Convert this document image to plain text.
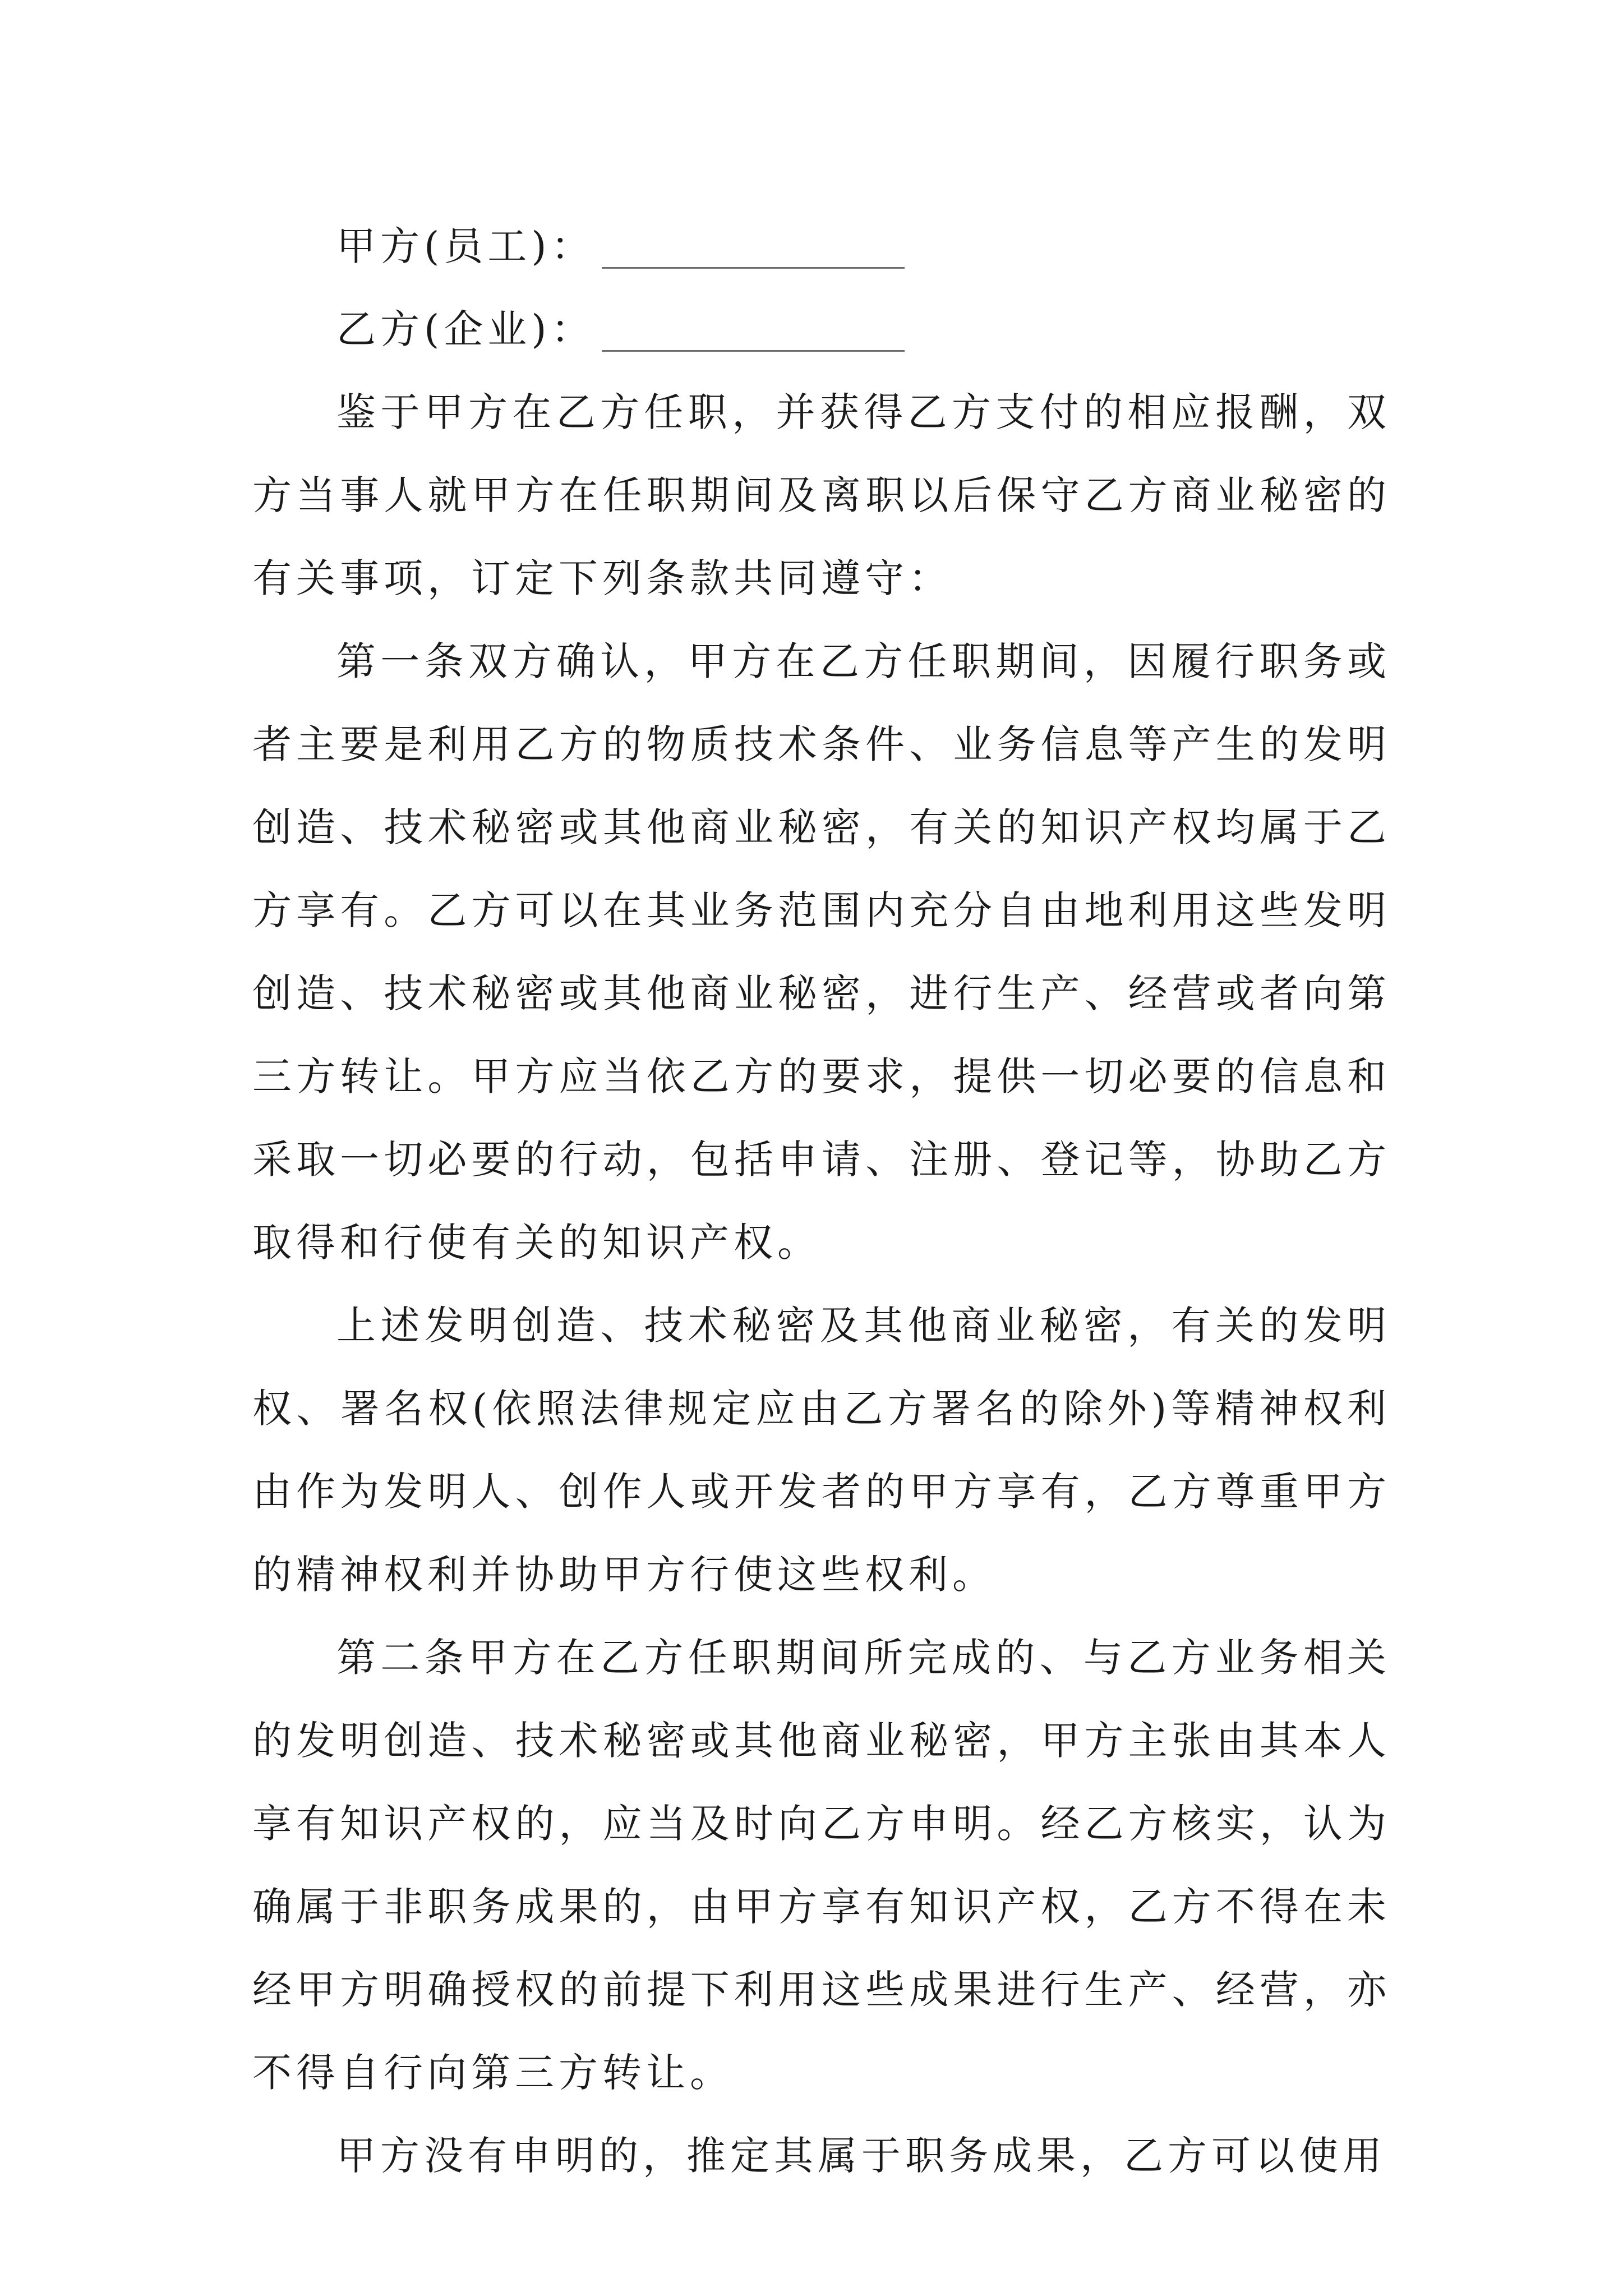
甲方(员工)：
乙方(企业)：

鉴于甲方在乙方任职，并获得乙方支付的相应报酬，双方当事人就甲方在任职期间及离职以后保守乙方商业秘密的有关事项，订定下列条款共同遵守：

第一条双方确认，甲方在乙方任职期间，因履行职务或者主要是利用乙方的物质技术条件、业务信息等产生的发明创造、技术秘密或其他商业秘密，有关的知识产权均属于乙方享有。乙方可以在其业务范围内充分自由地利用这些发明创造、技术秘密或其他商业秘密，进行生产、经营或者向第三方转让。甲方应当依乙方的要求，提供一切必要的信息和采取一切必要的行动，包括申请、注册、登记等，协助乙方取得和行使有关的知识产权。

上述发明创造、技术秘密及其他商业秘密，有关的发明权、署名权(依照法律规定应由乙方署名的除外)等精神权利由作为发明人、创作人或开发者的甲方享有，乙方尊重甲方的精神权利并协助甲方行使这些权利。

第二条甲方在乙方任职期间所完成的、与乙方业务相关的发明创造、技术秘密或其他商业秘密，甲方主张由其本人享有知识产权的，应当及时向乙方申明。经乙方核实，认为确属于非职务成果的，由甲方享有知识产权，乙方不得在未经甲方明确授权的前提下利用这些成果进行生产、经营，亦不得自行向第三方转让。

甲方没有申明的，推定其属于职务成果，乙方可以使用
